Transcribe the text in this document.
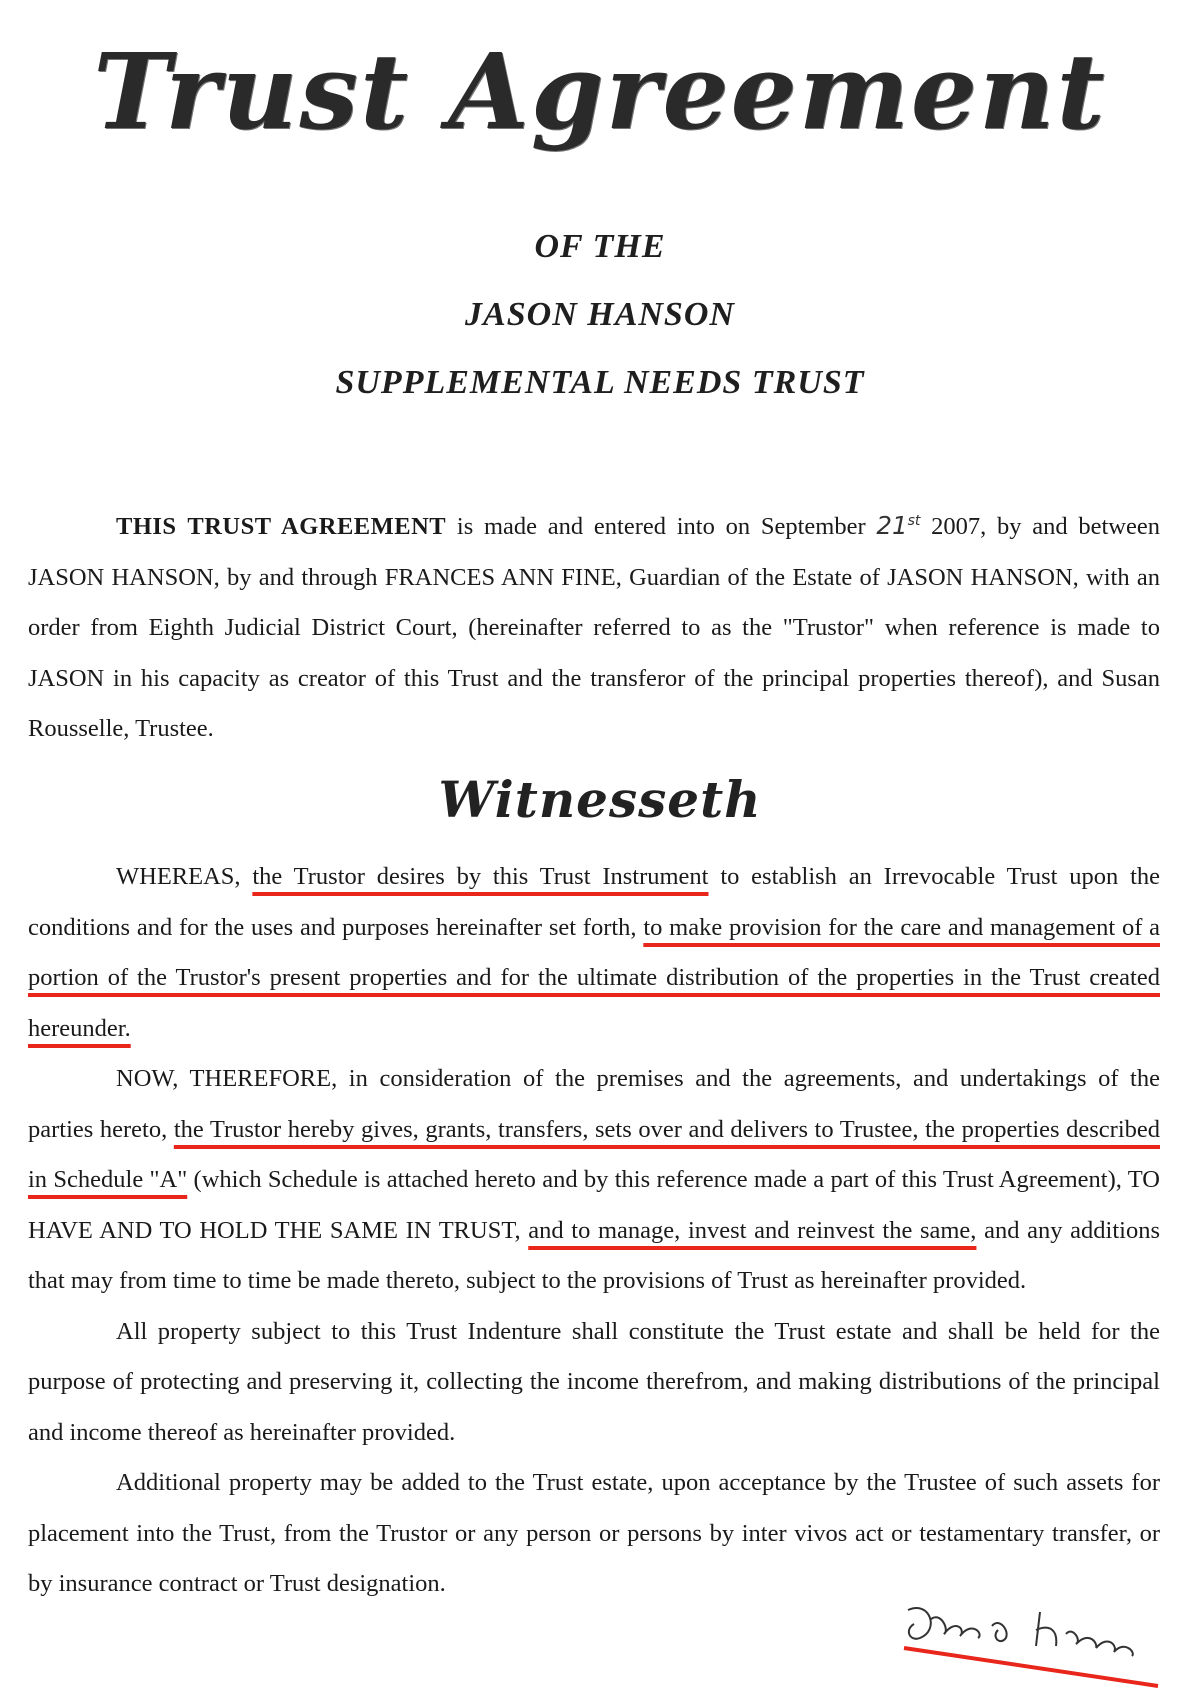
Trust Agreement
OF THE
JASON HANSON
SUPPLEMENTAL NEEDS TRUST

THIS TRUST AGREEMENT is made and entered into on September 21st 2007, by and between JASON HANSON, by and through FRANCES ANN FINE, Guardian of the Estate of JASON HANSON, with an order from Eighth Judicial District Court, (hereinafter referred to as the "Trustor" when reference is made to JASON in his capacity as creator of this Trust and the transferor of the principal properties thereof), and Susan Rousselle, Trustee.

Witnesseth

WHEREAS, the Trustor desires by this Trust Instrument to establish an Irrevocable Trust upon the conditions and for the uses and purposes hereinafter set forth, to make provision for the care and management of a portion of the Trustor's present properties and for the ultimate distribution of the properties in the Trust created hereunder.

NOW, THEREFORE, in consideration of the premises and the agreements, and undertakings of the parties hereto, the Trustor hereby gives, grants, transfers, sets over and delivers to Trustee, the properties described in Schedule "A" (which Schedule is attached hereto and by this reference made a part of this Trust Agreement), TO HAVE AND TO HOLD THE SAME IN TRUST, and to manage, invest and reinvest the same, and any additions that may from time to time be made thereto, subject to the provisions of Trust as hereinafter provided.

All property subject to this Trust Indenture shall constitute the Trust estate and shall be held for the purpose of protecting and preserving it, collecting the income therefrom, and making distributions of the principal and income thereof as hereinafter provided.

Additional property may be added to the Trust estate, upon acceptance by the Trustee of such assets for placement into the Trust, from the Trustor or any person or persons by inter vivos act or testamentary transfer, or by insurance contract or Trust designation.
